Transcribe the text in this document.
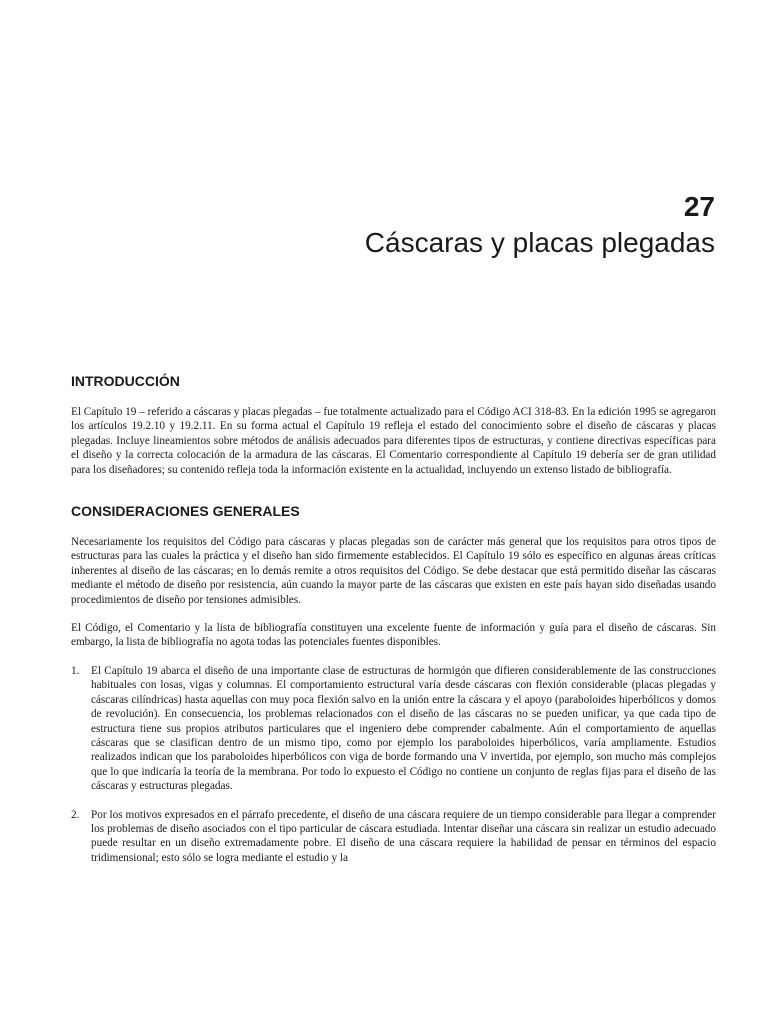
27
Cáscaras y placas plegadas
INTRODUCCIÓN

El Capítulo 19 – referido a cáscaras y placas plegadas – fue totalmente actualizado para el Código ACI 318-83. En la edición 1995 se agregaron los artículos 19.2.10 y 19.2.11. En su forma actual el Capítulo 19 refleja el estado del conocimiento sobre el diseño de cáscaras y placas plegadas. Incluye lineamientos sobre métodos de análisis adecuados para diferentes tipos de estructuras, y contiene directivas específicas para el diseño y la correcta colocación de la armadura de las cáscaras. El Comentario correspondiente al Capítulo 19 debería ser de gran utilidad para los diseñadores; su contenido refleja toda la información existente en la actualidad, incluyendo un extenso listado de bibliografía.

CONSIDERACIONES GENERALES

Necesariamente los requisitos del Código para cáscaras y placas plegadas son de carácter más general que los requisitos para otros tipos de estructuras para las cuales la práctica y el diseño han sido firmemente establecidos. El Capítulo 19 sólo es específico en algunas áreas críticas inherentes al diseño de las cáscaras; en lo demás remite a otros requisitos del Código. Se debe destacar que está permitido diseñar las cáscaras mediante el método de diseño por resistencia, aún cuando la mayor parte de las cáscaras que existen en este país hayan sido diseñadas usando procedimientos de diseño por tensiones admisibles.

El Código, el Comentario y la lista de bibliografía constituyen una excelente fuente de información y guía para el diseño de cáscaras. Sin embargo, la lista de bibliografía no agota todas las potenciales fuentes disponibles.

1. El Capítulo 19 abarca el diseño de una importante clase de estructuras de hormigón que difieren considerablemente de las construcciones habituales con losas, vigas y columnas. El comportamiento estructural varía desde cáscaras con flexión considerable (placas plegadas y cáscaras cilíndricas) hasta aquellas con muy poca flexión salvo en la unión entre la cáscara y el apoyo (paraboloides hiperbólicos y domos de revolución). En consecuencia, los problemas relacionados con el diseño de las cáscaras no se pueden unificar, ya que cada tipo de estructura tiene sus propios atributos particulares que el ingeniero debe comprender cabalmente. Aún el comportamiento de aquellas cáscaras que se clasifican dentro de un mismo tipo, como por ejemplo los paraboloides hiperbólicos, varía ampliamente. Estudios realizados indican que los paraboloides hiperbólicos con viga de borde formando una V invertida, por ejemplo, son mucho más complejos que lo que indicaría la teoría de la membrana. Por todo lo expuesto el Código no contiene un conjunto de reglas fijas para el diseño de las cáscaras y estructuras plegadas.

2. Por los motivos expresados en el párrafo precedente, el diseño de una cáscara requiere de un tiempo considerable para llegar a comprender los problemas de diseño asociados con el tipo particular de cáscara estudiada. Intentar diseñar una cáscara sin realizar un estudio adecuado puede resultar en un diseño extremadamente pobre. El diseño de una cáscara requiere la habilidad de pensar en términos del espacio tridimensional; esto sólo se logra mediante el estudio y la
